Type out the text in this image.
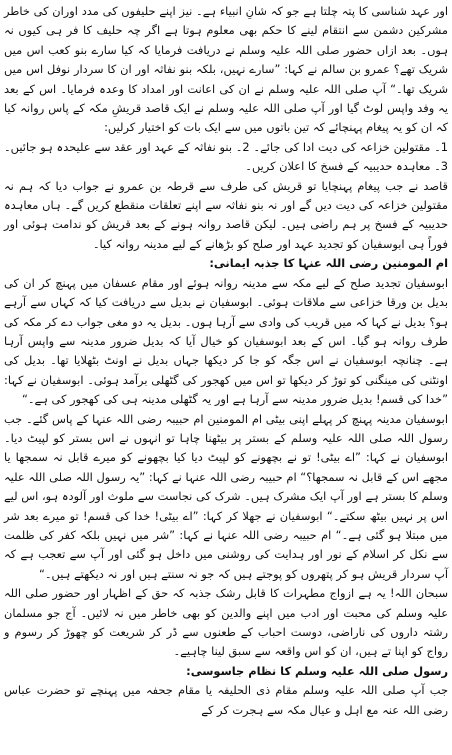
اور عہد شناسی کا پتہ چلتا ہے جو کہ شانِ انبیاء ہے۔ نیز اپنے حلیفوں کی مدد اوران کی خاطر مشرکین دشمن سے انتقام لینے کا حکم بھی معلوم ہوتا ہے اگر چہ حلیف کا فر ہی کیوں نہ ہوں۔ بعد ازاں حضور صلی اللہ علیہ وسلم نے دریافت فرمایا کہ کیا سارے بنو کعب اس میں شریک تھے؟ عمرو بن سالم نے کہا: ”سارے نہیں، بلکہ بنو نفاثہ اور ان کا سردار نوفل اس میں شریک تھا۔“ آپ صلی اللہ علیہ وسلم نے ان کی اعانت اور امداد کا وعدہ فرمایا۔ اس کے بعد یہ وفد واپس لوٹ گیا اور آپ صلی اللہ علیہ وسلم نے ایک قاصد قریشِ مکہ کے پاس روانہ کیا کہ ان کو یہ پیغام پہنچائے کہ تین باتوں میں سے ایک بات کو اختیار کرلیں:

1۔ مقتولین خزاعہ کی دیت ادا کی جائے۔ 2۔ بنو نفاثہ کے عہد اور عقد سے علیحدہ ہو جائیں۔ 3۔ معاہدہ حدیبیہ کے فسخ کا اعلان کریں۔

قاصد نے جب پیغام پہنچایا تو قریش کی طرف سے قرطہ بن عمرو نے جواب دیا کہ ہم نہ مقتولین خزاعہ کی دیت دیں گے اور نہ بنو نفاثہ سے اپنے تعلقات منقطع کریں گے۔ ہاں معاہدہ حدیبیہ کے فسخ پر ہم راضی ہیں۔ لیکن قاصد روانہ ہونے کے بعد قریش کو ندامت ہوئی اور فوراً ہی ابوسفیان کو تجدید عہد اور صلح کو بڑھانے کے لیے مدینہ روانہ کیا۔

ام المومنین رضی اللہ عنہا کا جذبہ ایمانی:

ابوسفیان تجدید صلح کے لیے مکہ سے مدینہ روانہ ہوئے اور مقام عسفان میں پہنچ کر ان کی بدیل بن ورقا خزاعی سے ملاقات ہوئی۔ ابوسفیان نے بدیل سے دریافت کیا کہ کہاں سے آرہے ہو؟ بدیل نے کہا کہ میں قریب کی وادی سے آرہا ہوں۔ بدیل یہ دو مغی جواب دے کر مکہ کی طرف روانہ ہو گیا۔ اس کے بعد ابوسفیان کو خیال آیا کہ بدیل ضرور مدینہ سے واپس آرہا ہے۔ چنانچہ ابوسفیان نے اس جگہ کو جا کر دیکھا جہاں بدیل نے اونٹ بٹھلایا تھا۔ بدیل کی اونٹنی کی مینگنی کو توڑ کر دیکھا تو اس میں کھجور کی گٹھلی برآمد ہوئی۔ ابوسفیان نے کہا: ”خدا کی قسم! بدیل ضرور مدینہ سے آرہا ہے اور یہ گٹھلی مدینہ ہی کی کھجور کی ہے۔“

ابوسفیان مدینہ پہنچ کر پہلے اپنی بیٹی ام المومنین ام حبیبہ رضی اللہ عنہا کے پاس گئے۔ جب رسول اللہ صلی اللہ علیہ وسلم کے بستر پر بیٹھنا چاہا تو انہوں نے اس بستر کو لپیٹ دیا۔ ابوسفیان نے کہا: ”اے بیٹی! تو نے بچھونے کو لپیٹ دیا کیا بچھونے کو میرے قابل نہ سمجھا یا مجھے اس کے قابل نہ سمجھا؟“ ام حبیبہ رضی اللہ عنہا نے کہا: ”یہ رسول اللہ صلی اللہ علیہ وسلم کا بستر ہے اور آپ ایک مشرک ہیں۔ شرک کی نجاست سے ملوث اور آلودہ ہو، اس لیے اس پر نہیں بیٹھ سکتے۔“ ابوسفیان نے جھلا کر کہا: ”اے بیٹی! خدا کی قسم! تو میرے بعد شر میں مبتلا ہو گئی ہے۔“ ام حبیبہ رضی اللہ عنہا نے کہا: ”شر میں نہیں بلکہ کفر کی ظلمت سے نکل کر اسلام کے نور اور ہدایت کی روشنی میں داخل ہو گئی اور آپ سے تعجب ہے کہ آپ سردار قریش ہو کر پتھروں کو پوجتے ہیں کہ جو نہ سنتے ہیں اور نہ دیکھتے ہیں۔“

سبحان اللہ! یہ ہے ازواج مطہرات کا قابل رشک جذبہ کہ حق کے اظہار اور حضور صلی اللہ علیہ وسلم کی محبت اور ادب میں اپنے والدین کو بھی خاطر میں نہ لائیں۔ آج جو مسلمان رشتہ داروں کی ناراضی، دوست احباب کے طعنوں سے ڈر کر شریعت کو چھوڑ کر رسوم و رواج کو اپنا تے ہیں، ان کو اس واقعہ سے سبق لینا چاہیے۔

رسول صلی اللہ علیہ وسلم کا نظام جاسوسی:

جب آپ صلی اللہ علیہ وسلم مقام ذی الحلیفہ یا مقام جحفہ میں پہنچے تو حضرت عباس رضی اللہ عنہ مع اہل و عیال مکہ سے ہجرت کر کے
